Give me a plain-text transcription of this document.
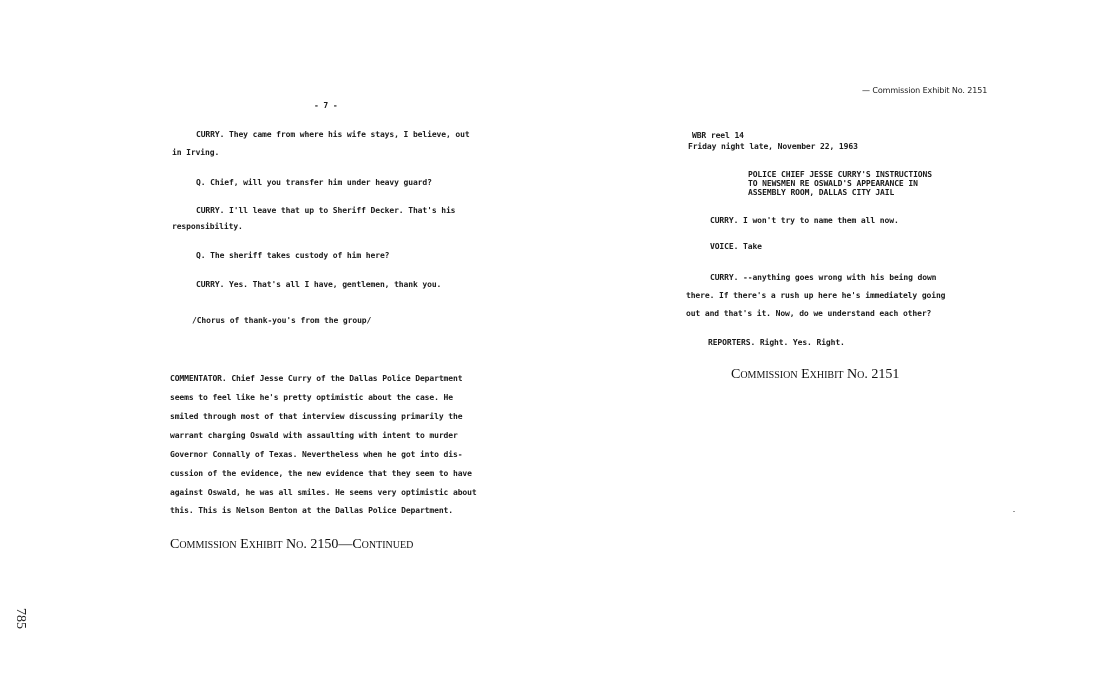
- 7 -
CURRY. They came from where his wife stays, I believe, out
in Irving.
Q. Chief, will you transfer him under heavy guard?
CURRY. I'll leave that up to Sheriff Decker. That's his
responsibility.
Q. The sheriff takes custody of him here?
CURRY. Yes. That's all I have, gentlemen, thank you.
/Chorus of thank-you's from the group/
COMMENTATOR. Chief Jesse Curry of the Dallas Police Department
seems to feel like he's pretty optimistic about the case. He
smiled through most of that interview discussing primarily the
warrant charging Oswald with assaulting with intent to murder
Governor Connally of Texas. Nevertheless when he got into dis-
cussion of the evidence, the new evidence that they seem to have
against Oswald, he was all smiles. He seems very optimistic about
this. This is Nelson Benton at the Dallas Police Department.
Commission Exhibit No. 2150—Continued
785
— Commission Exhibit No. 2151
WBR reel 14
Friday night late, November 22, 1963
POLICE CHIEF JESSE CURRY'S INSTRUCTIONS
TO NEWSMEN RE OSWALD'S APPEARANCE IN
ASSEMBLY ROOM, DALLAS CITY JAIL
CURRY. I won't try to name them all now.
VOICE. Take
CURRY. --anything goes wrong with his being down
there. If there's a rush up here he's immediately going
out and that's it. Now, do we understand each other?
REPORTERS. Right. Yes. Right.
Commission Exhibit No. 2151
